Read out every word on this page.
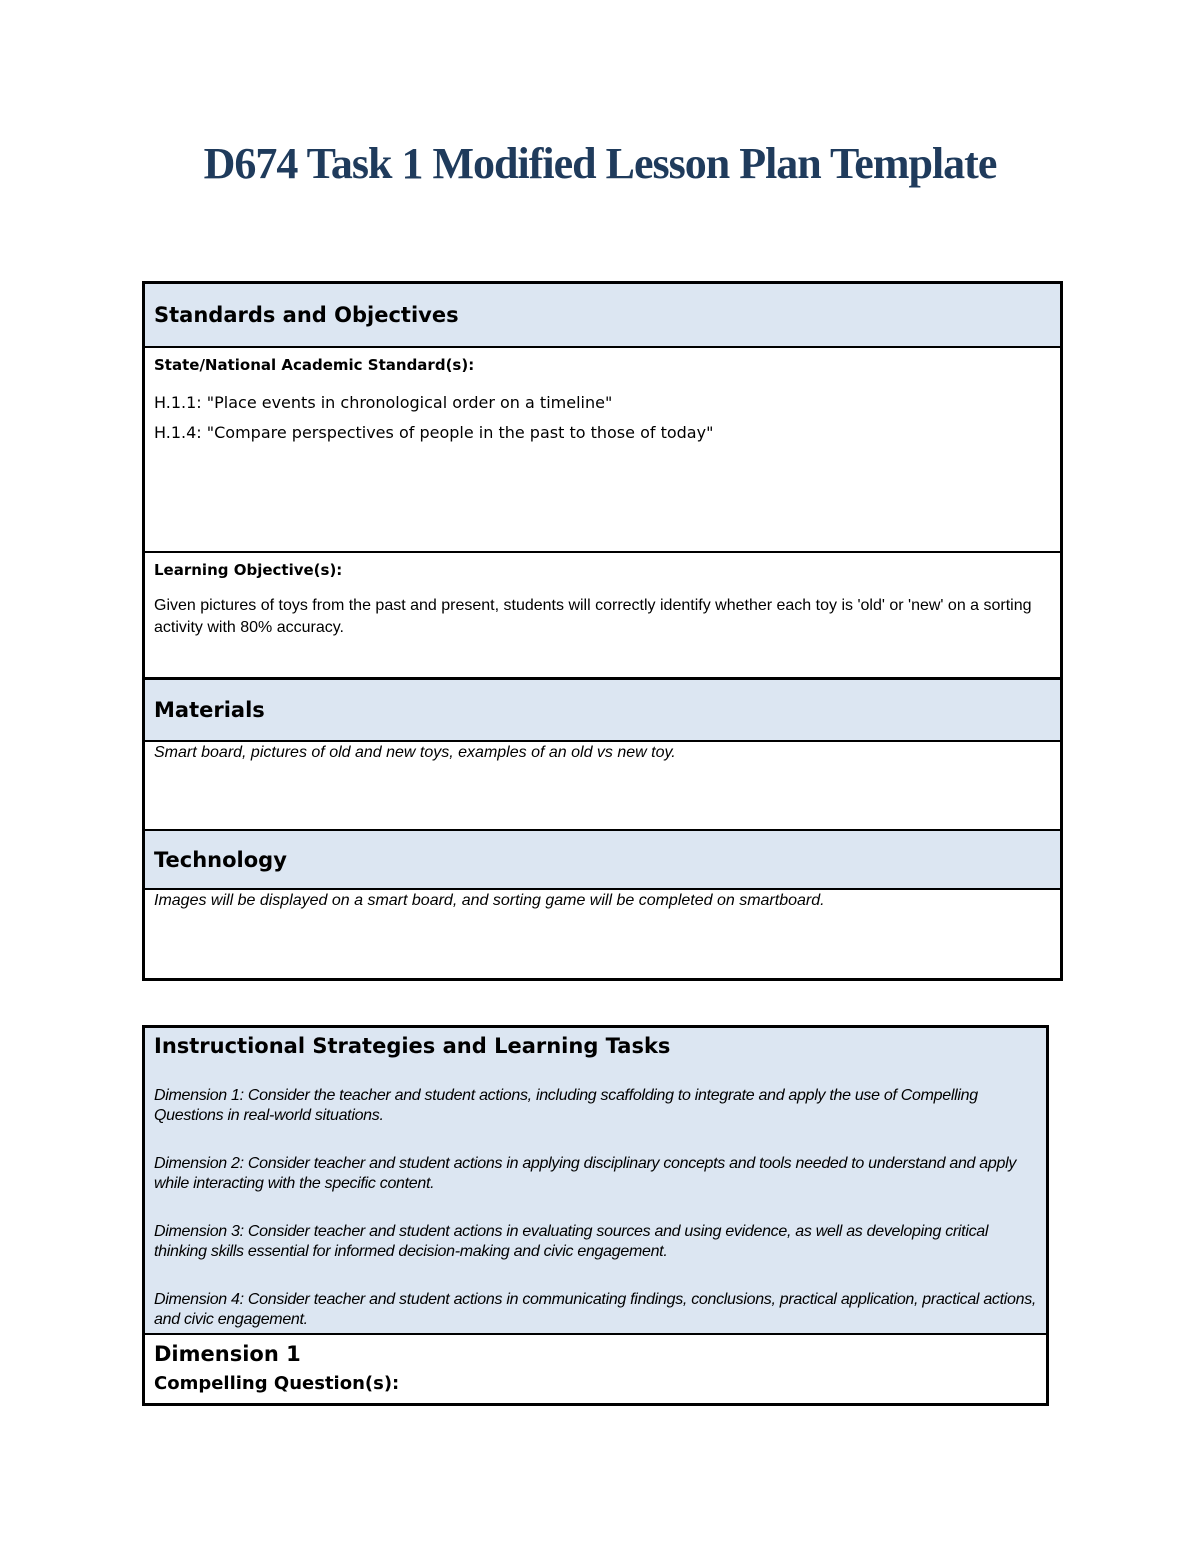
D674 Task 1 Modified Lesson Plan Template
Standards and Objectives
State/National Academic Standard(s):
H.1.1: "Place events in chronological order on a timeline"
H.1.4: "Compare perspectives of people in the past to those of today"
Learning Objective(s):
Given pictures of toys from the past and present, students will correctly identify whether each toy is 'old' or 'new' on a sorting activity with 80% accuracy.
Materials
Smart board, pictures of old and new toys, examples of an old vs new toy.
Technology
Images will be displayed on a smart board, and sorting game will be completed on smartboard.
Instructional Strategies and Learning Tasks
Dimension 1: Consider the teacher and student actions, including scaffolding to integrate and apply the use of Compelling Questions in real-world situations.
Dimension 2: Consider teacher and student actions in applying disciplinary concepts and tools needed to understand and apply while interacting with the specific content.
Dimension 3: Consider teacher and student actions in evaluating sources and using evidence, as well as developing critical thinking skills essential for informed decision-making and civic engagement.
Dimension 4: Consider teacher and student actions in communicating findings, conclusions, practical application, practical actions, and civic engagement.
Dimension 1
Compelling Question(s):
